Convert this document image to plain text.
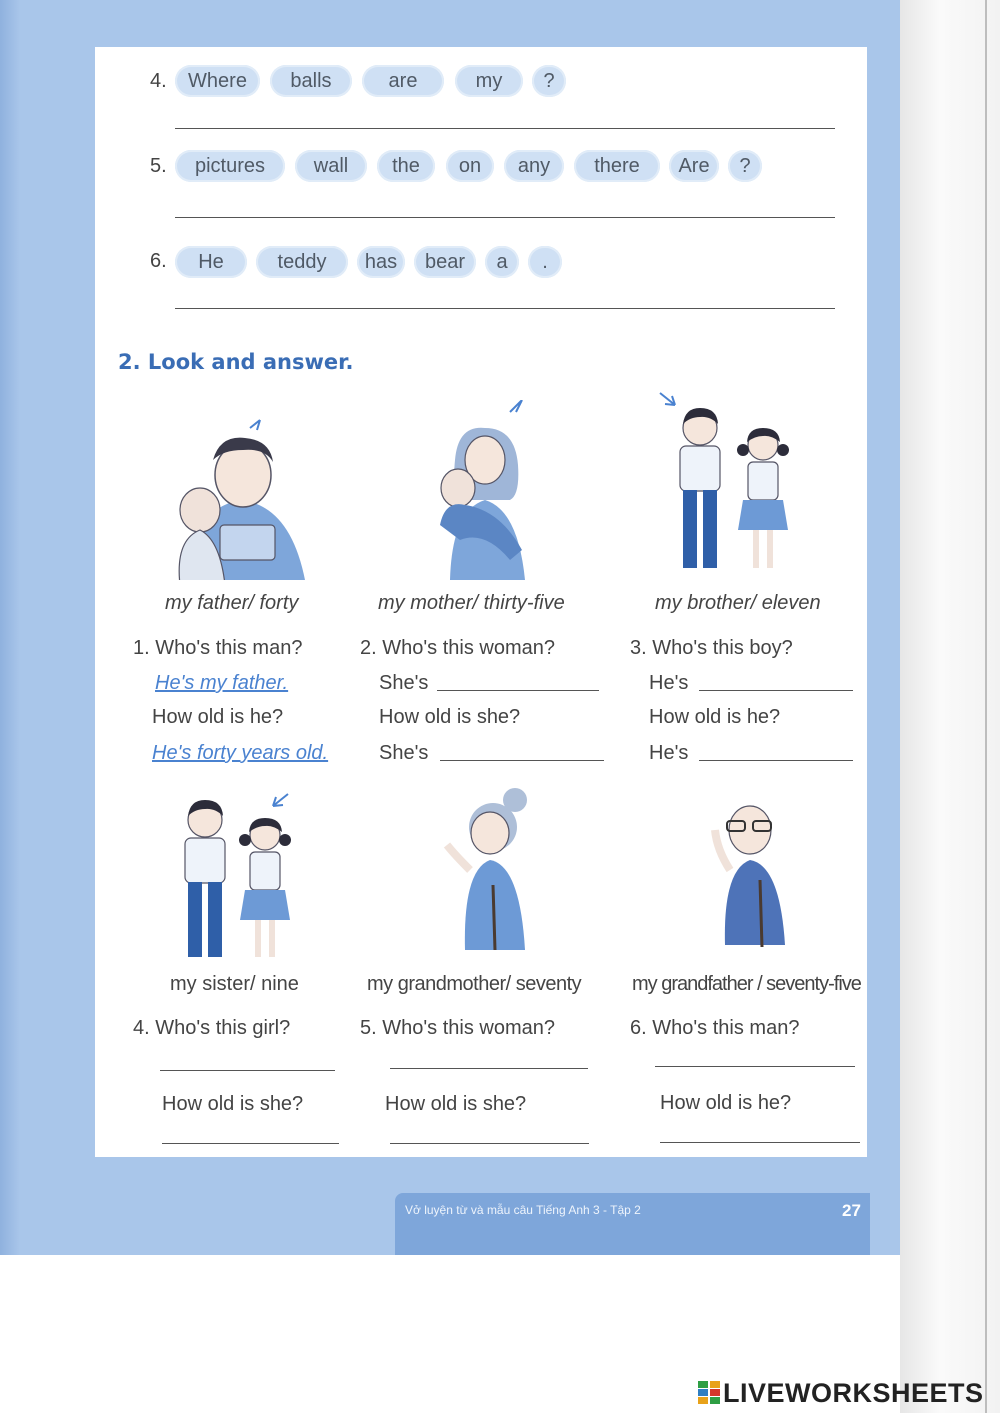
4.	Where	balls	are	my	?
5.	pictures	wall	the	on	any	there	Are	?
6.	He	teddy	has	bear	a	.
2. Look and answer.
my father/ forty	my mother/ thirty-five	my brother/ eleven
1. Who's this man?
He's my father.
How old is he?
He's forty years old.
2. Who's this woman?
She's
How old is she?
She's
3. Who's this boy?
He's
How old is he?
He's
my sister/ nine	my grandmother/ seventy	my grandfather / seventy-five
4. Who's this girl?	5. Who's this woman?	6. Who's this man?
How old is she?	How old is she?	How old is he?
Vở luyện từ và mẫu câu Tiếng Anh 3 - Tập 2	27
LIVEWORKSHEETS
